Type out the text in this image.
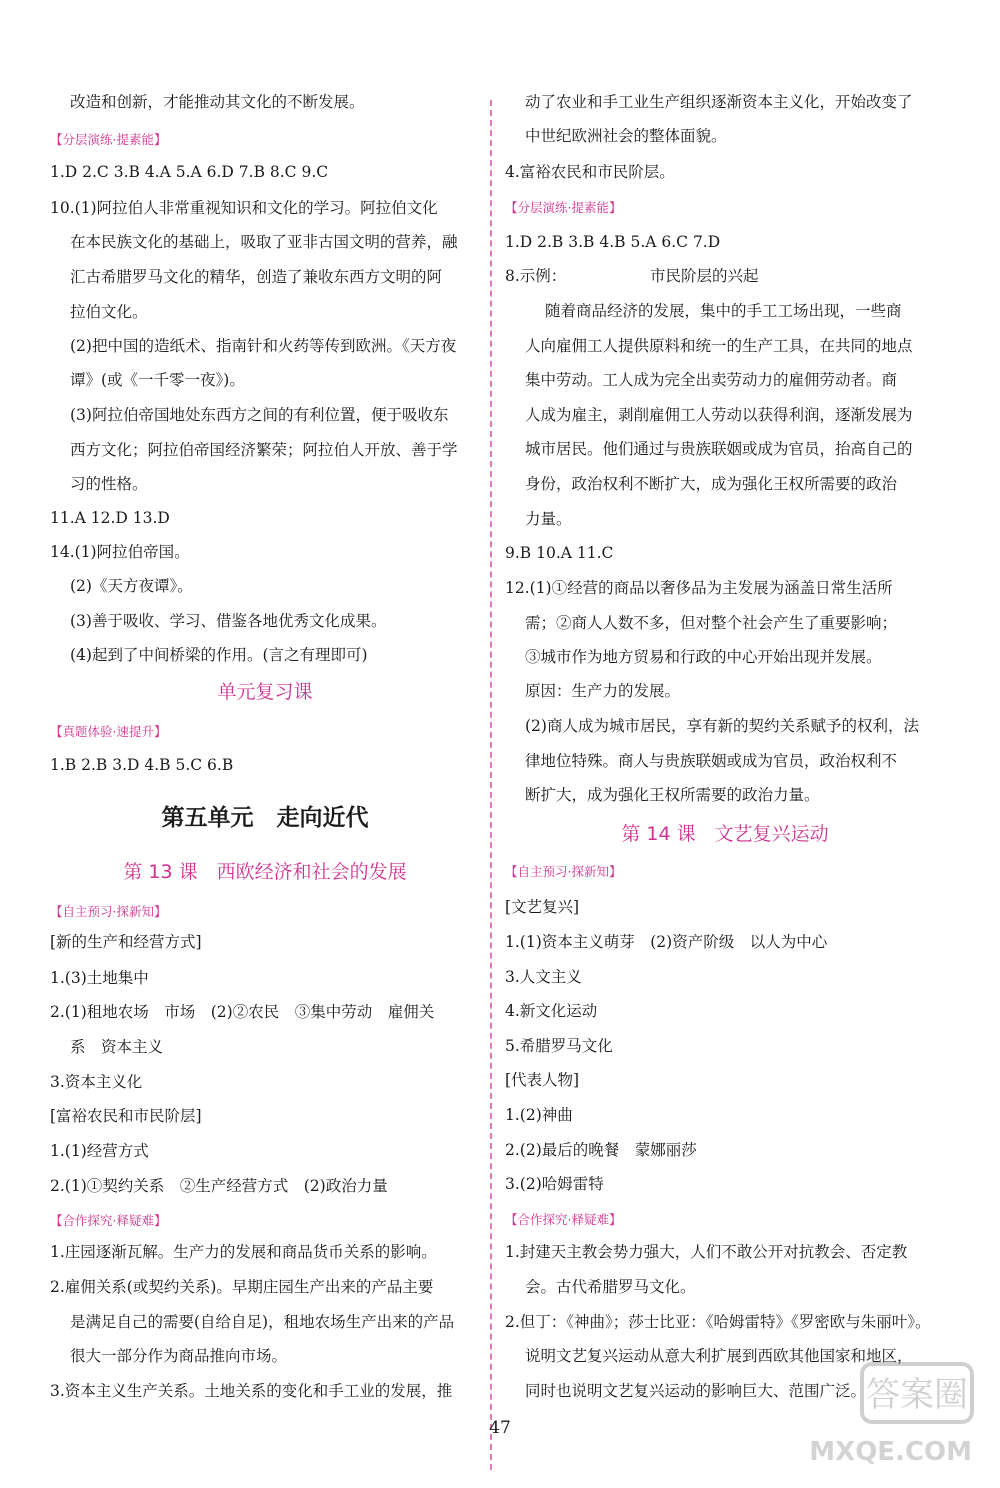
改造和创新，才能推动其文化的不断发展。
【分层演练·提素能】
1.D 2.C 3.B 4.A 5.A 6.D 7.B 8.C 9.C
10.(1)阿拉伯人非常重视知识和文化的学习。阿拉伯文化
在本民族文化的基础上，吸取了亚非古国文明的营养，融
汇古希腊罗马文化的精华，创造了兼收东西方文明的阿
拉伯文化。
(2)把中国的造纸术、指南针和火药等传到欧洲。《天方夜
谭》(或《一千零一夜》)。
(3)阿拉伯帝国地处东西方之间的有利位置，便于吸收东
西方文化；阿拉伯帝国经济繁荣；阿拉伯人开放、善于学
习的性格。
11.A 12.D 13.D
14.(1)阿拉伯帝国。
(2)《天方夜谭》。
(3)善于吸收、学习、借鉴各地优秀文化成果。
(4)起到了中间桥梁的作用。(言之有理即可)
单元复习课
【真题体验·速提升】
1.B 2.B 3.D 4.B 5.C 6.B
第五单元　走向近代
第 13 课　西欧经济和社会的发展
【自主预习·探新知】
[新的生产和经营方式]
1.(3)土地集中
2.(1)租地农场　市场　(2)②农民　③集中劳动　雇佣关
系　资本主义
3.资本主义化
[富裕农民和市民阶层]
1.(1)经营方式
2.(1)①契约关系　②生产经营方式　(2)政治力量
【合作探究·释疑难】
1.庄园逐渐瓦解。生产力的发展和商品货币关系的影响。
2.雇佣关系(或契约关系)。早期庄园生产出来的产品主要
是满足自己的需要(自给自足)，租地农场生产出来的产品
很大一部分作为商品推向市场。
3.资本主义生产关系。土地关系的变化和手工业的发展，推
动了农业和手工业生产组织逐渐资本主义化，开始改变了
中世纪欧洲社会的整体面貌。
4.富裕农民和市民阶层。
【分层演练·提素能】
1.D 2.B 3.B 4.B 5.A 6.C 7.D
8.示例：	市民阶层的兴起
随着商品经济的发展，集中的手工工场出现，一些商
人向雇佣工人提供原料和统一的生产工具，在共同的地点
集中劳动。工人成为完全出卖劳动力的雇佣劳动者。商
人成为雇主，剥削雇佣工人劳动以获得利润，逐渐发展为
城市居民。他们通过与贵族联姻或成为官员，抬高自己的
身份，政治权利不断扩大，成为强化王权所需要的政治
力量。
9.B 10.A 11.C
12.(1)①经营的商品以奢侈品为主发展为涵盖日常生活所
需；②商人人数不多，但对整个社会产生了重要影响；
③城市作为地方贸易和行政的中心开始出现并发展。
原因：生产力的发展。
(2)商人成为城市居民，享有新的契约关系赋予的权利，法
律地位特殊。商人与贵族联姻或成为官员，政治权利不
断扩大，成为强化王权所需要的政治力量。
第 14 课　文艺复兴运动
【自主预习·探新知】
[文艺复兴]
1.(1)资本主义萌芽　(2)资产阶级　以人为中心
3.人文主义
4.新文化运动
5.希腊罗马文化
[代表人物]
1.(2)神曲
2.(2)最后的晚餐　蒙娜丽莎
3.(2)哈姆雷特
【合作探究·释疑难】
1.封建天主教会势力强大，人们不敢公开对抗教会、否定教
会。古代希腊罗马文化。
2.但丁：《神曲》；莎士比亚：《哈姆雷特》《罗密欧与朱丽叶》。
说明文艺复兴运动从意大利扩展到西欧其他国家和地区，
同时也说明文艺复兴运动的影响巨大、范围广泛。
47
答案圈
MXQE.COM
